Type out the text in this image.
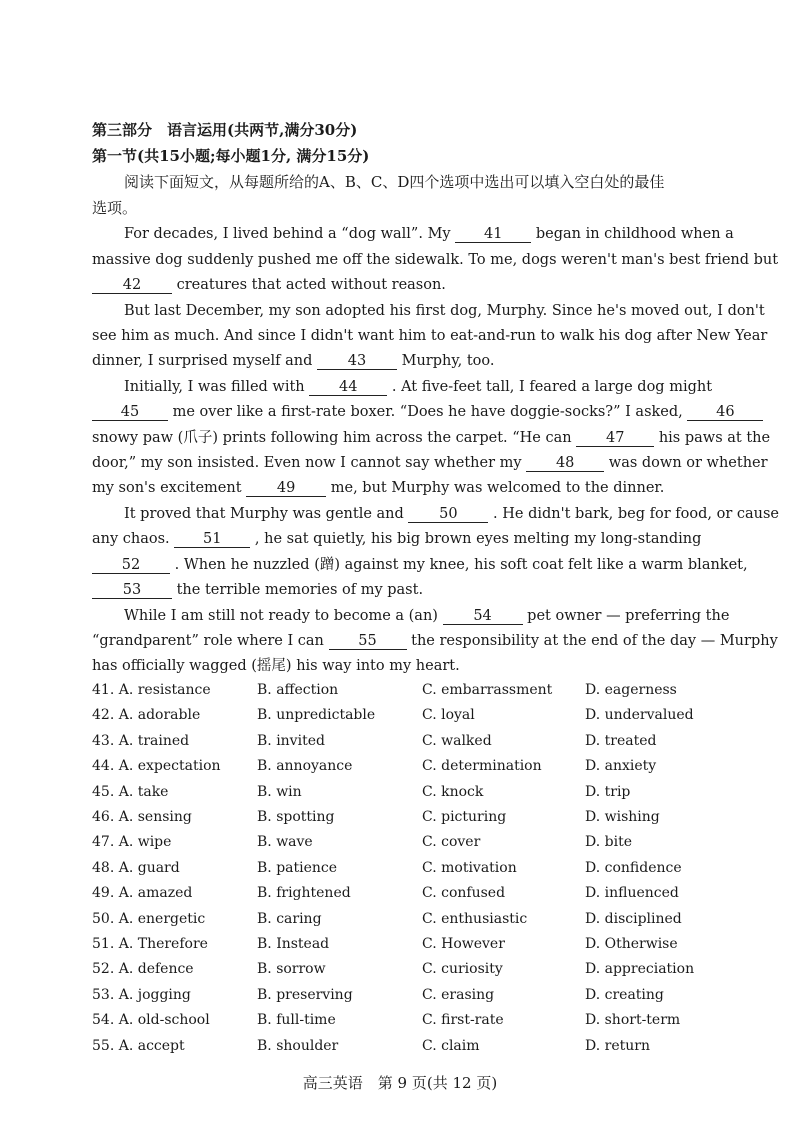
第三部分　语言运用(共两节,满分30分)
第一节(共15小题;每小题1分, 满分15分)
阅读下面短文，从每题所给的A、B、C、D四个选项中选出可以填入空白处的最佳
选项。
For decades, I lived behind a “dog wall”. My 41 began in childhood when a
massive dog suddenly pushed me off the sidewalk. To me, dogs weren't man's best friend but
42 creatures that acted without reason.
But last December, my son adopted his first dog, Murphy. Since he's moved out, I don't
see him as much. And since I didn't want him to eat-and-run to walk his dog after New Year
dinner, I surprised myself and 43 Murphy, too.
Initially, I was filled with 44 . At five-feet tall, I feared a large dog might
45 me over like a first-rate boxer. “Does he have doggie-socks?” I asked, 46
snowy paw (爪子) prints following him across the carpet. “He can 47 his paws at the
door,” my son insisted. Even now I cannot say whether my 48 was down or whether
my son's excitement 49 me, but Murphy was welcomed to the dinner.
It proved that Murphy was gentle and 50 . He didn't bark, beg for food, or cause
any chaos. 51 , he sat quietly, his big brown eyes melting my long-standing
52 . When he nuzzled (蹭) against my knee, his soft coat felt like a warm blanket,
53 the terrible memories of my past.
While I am still not ready to become a (an) 54 pet owner — preferring the
“grandparent” role where I can 55 the responsibility at the end of the day — Murphy
has officially wagged (摇尾) his way into my heart.
41. A. resistance	B. affection	C. embarrassment D. eagerness
42. A. adorable	B. unpredictable	C. loyal	D. undervalued
43. A. trained	B. invited	C. walked	D. treated
44. A. expectation	B. annoyance	C. determination	D. anxiety
45. A. take	B. win	C. knock	D. trip
46. A. sensing	B. spotting	C. picturing	D. wishing
47. A. wipe	B. wave	C. cover	D. bite
48. A. guard	B. patience	C. motivation	D. confidence
49. A. amazed	B. frightened	C. confused	D. influenced
50. A. energetic	B. caring	C. enthusiastic	D. disciplined
51. A. Therefore	B. Instead	C. However	D. Otherwise
52. A. defence	B. sorrow	C. curiosity	D. appreciation
53. A. jogging	B. preserving	C. erasing	D. creating
54. A. old-school	B. full-time	C. first-rate	D. short-term
55. A. accept	B. shoulder	C. claim	D. return
高三英语　第 9 页(共 12 页)
